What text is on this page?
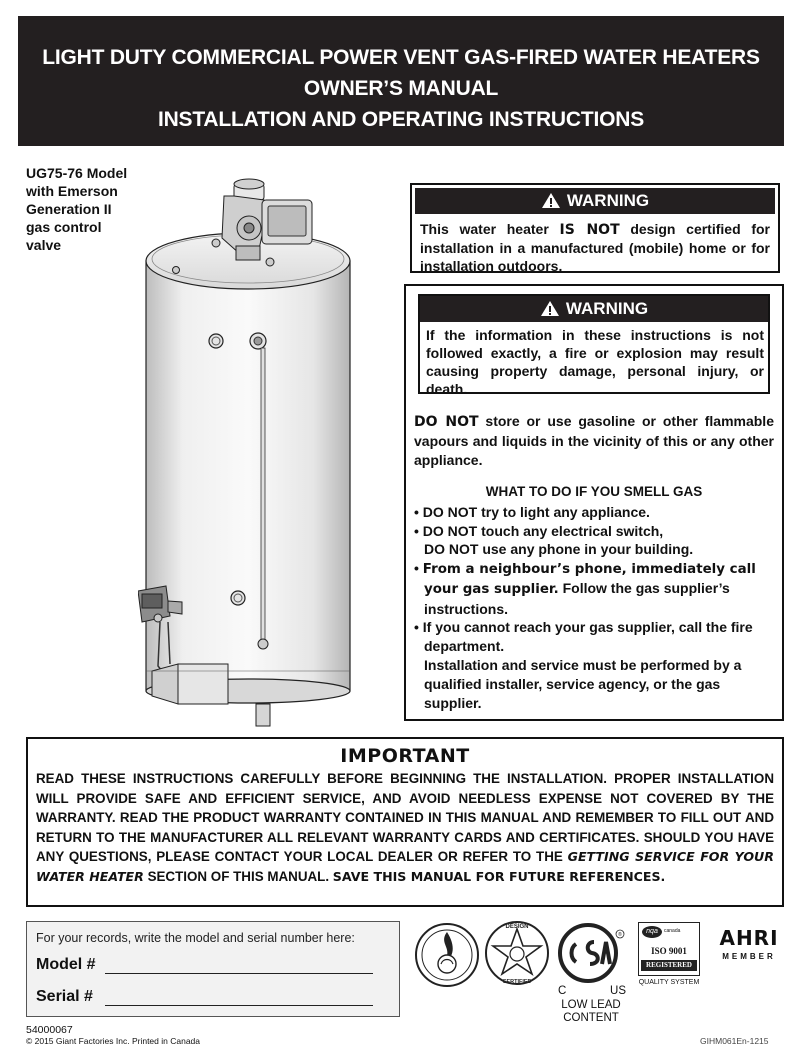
LIGHT DUTY COMMERCIAL POWER VENT GAS-FIRED WATER HEATERS
OWNER’S MANUAL
INSTALLATION AND OPERATING INSTRUCTIONS
UG75-76 Model
with Emerson
Generation II
gas control
valve
WARNING
This water heater IS NOT design certified for installation in a manufactured (mobile) home or for installation outdoors.
WARNING
If the information in these instructions is not followed exactly, a fire or explosion may result causing property damage, personal injury, or death.
DO NOT store or use gasoline or other flammable vapours and liquids in the vicinity of this or any other appliance.
WHAT TO DO IF YOU SMELL GAS
• DO NOT try to light any appliance.
• DO NOT touch any electrical switch,
DO NOT use any phone in your building.
• From a neighbour’s phone, immediately call your gas supplier. Follow the gas supplier’s instructions.
• If you cannot reach your gas supplier, call the fire department.
Installation and service must be performed by a qualified installer, service agency, or the gas supplier.
IMPORTANT
READ THESE INSTRUCTIONS CAREFULLY BEFORE BEGINNING THE INSTALLATION. PROPER INSTALLATION WILL PROVIDE SAFE AND EFFICIENT SERVICE, AND AVOID NEEDLESS EXPENSE NOT COVERED BY THE WARRANTY. READ THE PRODUCT WARRANTY CONTAINED IN THIS MANUAL AND REMEMBER TO FILL OUT AND RETURN TO THE MANUFACTURER ALL RELEVANT WARRANTY CARDS AND CERTIFICATES. SHOULD YOU HAVE ANY QUESTIONS, PLEASE CONTACT YOUR LOCAL DEALER OR REFER TO THE GETTING SERVICE FOR YOUR WATER HEATER SECTION OF THIS MANUAL. SAVE THIS MANUAL FOR FUTURE REFERENCES.
For your records, write the model and serial number here:
Model #
Serial #
DESIGN
CERTIFIED
®
C	US
LOW LEAD
CONTENT
nqa	canada
ISO 9001
REGISTERED
QUALITY SYSTEM
AHRI
MEMBER
54000067
© 2015 Giant Factories Inc. Printed in Canada	GIHM061En-1215
